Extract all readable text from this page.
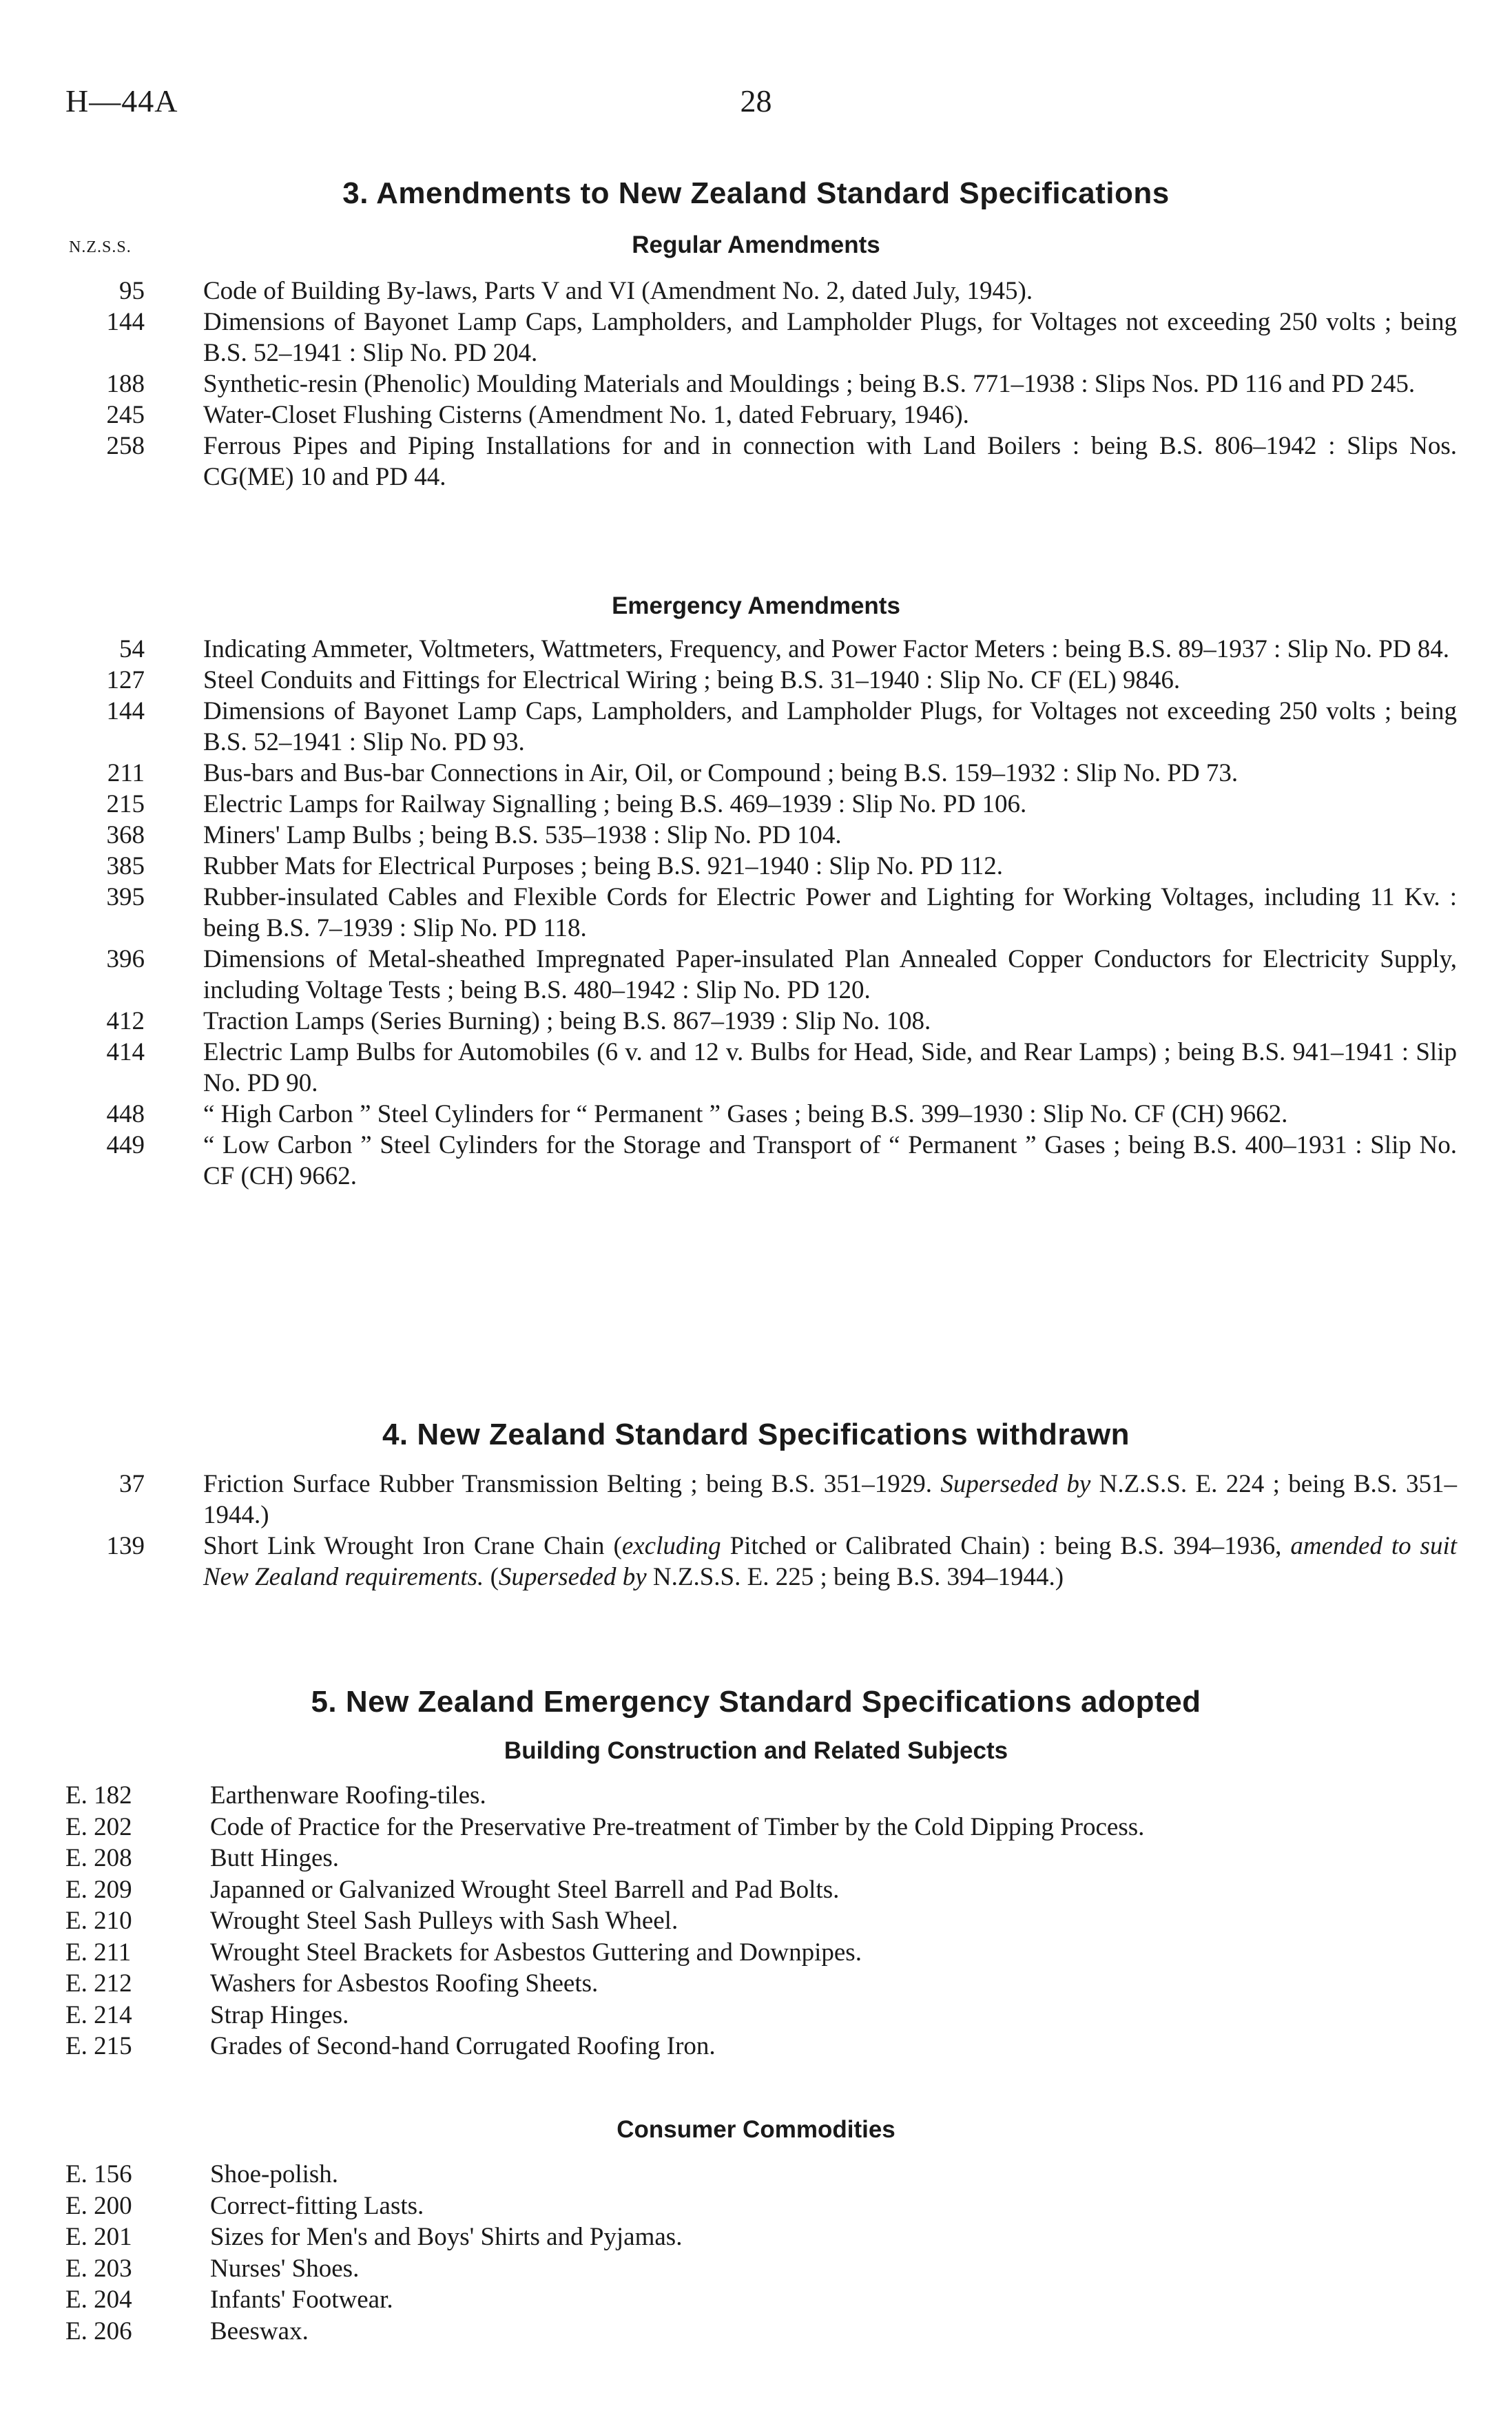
H—44A	28
3. Amendments to New Zealand Standard Specifications
N.Z.S.S.	Regular Amendments
95 Code of Building By-laws, Parts V and VI (Amendment No. 2, dated July, 1945).
144 Dimensions of Bayonet Lamp Caps, Lampholders, and Lampholder Plugs, for Voltages not exceeding 250 volts ; being B.S. 52–1941 : Slip No. PD 204.
188 Synthetic-resin (Phenolic) Moulding Materials and Mouldings ; being B.S. 771–1938 : Slips Nos. PD 116 and PD 245.
245 Water-Closet Flushing Cisterns (Amendment No. 1, dated February, 1946).
258 Ferrous Pipes and Piping Installations for and in connection with Land Boilers : being B.S. 806–1942 : Slips Nos. CG(ME) 10 and PD 44.
Emergency Amendments
54 Indicating Ammeter, Voltmeters, Wattmeters, Frequency, and Power Factor Meters : being B.S. 89–1937 : Slip No. PD 84.
127 Steel Conduits and Fittings for Electrical Wiring ; being B.S. 31–1940 : Slip No. CF (EL) 9846.
144 Dimensions of Bayonet Lamp Caps, Lampholders, and Lampholder Plugs, for Voltages not exceeding 250 volts ; being B.S. 52–1941 : Slip No. PD 93.
211 Bus-bars and Bus-bar Connections in Air, Oil, or Compound ; being B.S. 159–1932 : Slip No. PD 73.
215 Electric Lamps for Railway Signalling ; being B.S. 469–1939 : Slip No. PD 106.
368 Miners' Lamp Bulbs ; being B.S. 535–1938 : Slip No. PD 104.
385 Rubber Mats for Electrical Purposes ; being B.S. 921–1940 : Slip No. PD 112.
395 Rubber-insulated Cables and Flexible Cords for Electric Power and Lighting for Working Voltages, including 11 Kv. : being B.S. 7–1939 : Slip No. PD 118.
396 Dimensions of Metal-sheathed Impregnated Paper-insulated Plan Annealed Copper Conductors for Electricity Supply, including Voltage Tests ; being B.S. 480–1942 : Slip No. PD 120.
412 Traction Lamps (Series Burning) ; being B.S. 867–1939 : Slip No. 108.
414 Electric Lamp Bulbs for Automobiles (6 v. and 12 v. Bulbs for Head, Side, and Rear Lamps) ; being B.S. 941–1941 : Slip No. PD 90.
448 “ High Carbon ” Steel Cylinders for “ Permanent ” Gases ; being B.S. 399–1930 : Slip No. CF (CH) 9662.
449 “ Low Carbon ” Steel Cylinders for the Storage and Transport of “ Permanent ” Gases ; being B.S. 400–1931 : Slip No. CF (CH) 9662.
4. New Zealand Standard Specifications withdrawn
37 Friction Surface Rubber Transmission Belting ; being B.S. 351–1929. Superseded by N.Z.S.S. E. 224 ; being B.S. 351–1944.)
139 Short Link Wrought Iron Crane Chain (excluding Pitched or Calibrated Chain) : being B.S. 394–1936, amended to suit New Zealand requirements. (Superseded by N.Z.S.S. E. 225 ; being B.S. 394–1944.)
5. New Zealand Emergency Standard Specifications adopted
Building Construction and Related Subjects
E. 182	Earthenware Roofing-tiles.
E. 202	Code of Practice for the Preservative Pre-treatment of Timber by the Cold Dipping Process.
E. 208	Butt Hinges.
E. 209	Japanned or Galvanized Wrought Steel Barrell and Pad Bolts.
E. 210	Wrought Steel Sash Pulleys with Sash Wheel.
E. 211	Wrought Steel Brackets for Asbestos Guttering and Downpipes.
E. 212	Washers for Asbestos Roofing Sheets.
E. 214	Strap Hinges.
E. 215	Grades of Second-hand Corrugated Roofing Iron.
Consumer Commodities
E. 156	Shoe-polish.
E. 200	Correct-fitting Lasts.
E. 201	Sizes for Men's and Boys' Shirts and Pyjamas.
E. 203	Nurses' Shoes.
E. 204	Infants' Footwear.
E. 206	Beeswax.
